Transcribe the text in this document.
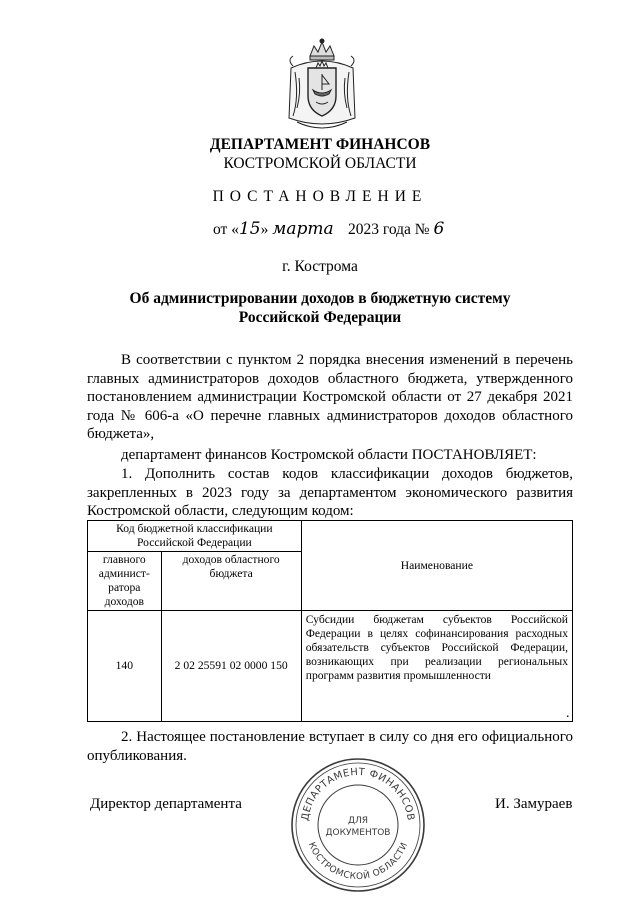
ДЕПАРТАМЕНТ ФИНАНСОВ
КОСТРОМСКОЙ ОБЛАСТИ
ПОСТАНОВЛЕНИЕ
от «15» марта 2023 года № 6
г. Кострома
Об администрировании доходов в бюджетную систему
Российской Федерации
В соответствии с пунктом 2 порядка внесения изменений в перечень главных администраторов доходов областного бюджета, утвержденного постановлением администрации Костромской области от 27 декабря 2021 года № 606-а «О перечне главных администраторов доходов областного бюджета»,
департамент финансов Костромской области ПОСТАНОВЛЯЕТ:
1. Дополнить состав кодов классификации доходов бюджетов, закрепленных в 2023 году за департаментом экономического развития Костромской области, следующим кодом:
Код бюджетной классификации Российской Федерации		Наименование
главного админист-ратора доходов	доходов областного бюджета	
140	2 02 25591 02 0000 150	Субсидии бюджетам субъектов Российской Федерации в целях софинансирования расходных обязательств субъектов Российской Федерации, возникающих при реализации региональных программ развития промышленности
.
2. Настоящее постановление вступает в силу со дня его официального опубликования.
Директор департамента	И. Замураев
ДЕПАРТАМЕНТ ФИНАНСОВ
КОСТРОМСКОЙ ОБЛАСТИ
ДЛЯ
ДОКУМЕНТОВ
